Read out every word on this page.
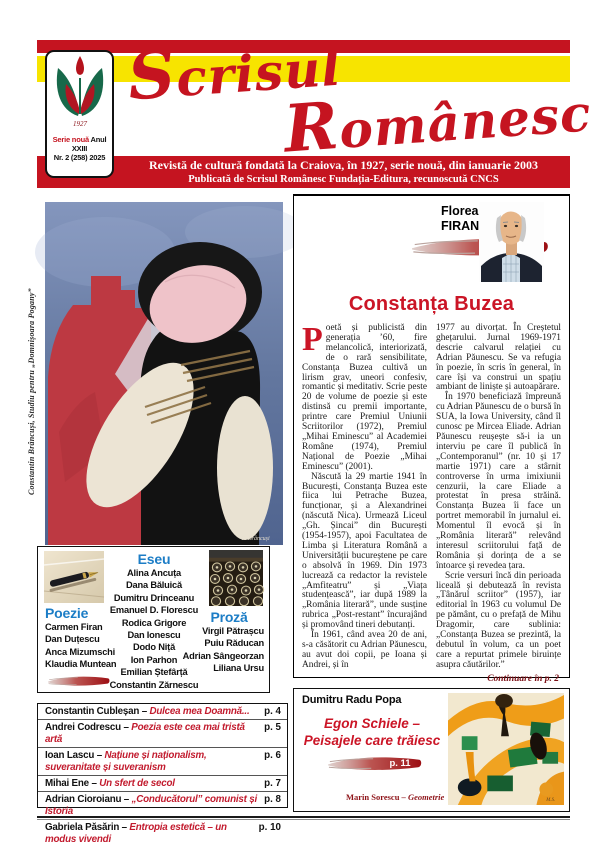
Scrisul
Românesc
Revistă de cultură fondată la Craiova, în 1927, serie nouă, din ianuarie 2003
Publicată de Scrisul Românesc Fundația-Editura, recunoscută CNCS
1927
Serie nouă Anul XXIII
Nr. 2 (258) 2025
Constantin Brâncuși, Studiu pentru „Domnișoara Pogany”
C. Brâncuși
Eseu
Alina Ancuța
Dana Băluică
Dumitru Drinceanu
Emanuel D. Florescu
Rodica Grigore
Dan Ionescu
Dodo Niță
Ion Parhon
Emilian Ștefârță
Constantin Zărnescu
Poezie
Carmen Firan
Dan Duțescu
Anca Mizumschi
Klaudia Muntean
Proză
Virgil Pătrașcu
Puiu Răducan
Adrian Sângeorzan
Liliana Ursu
Constantin Cubleșan – Dulcea mea Doamnă...	p. 4
Andrei Codrescu – Poezia este cea mai tristă artă
p. 5
Ioan Lascu – Națiune și naționalism, suveranitate și suveranism
p. 6
Mihai Ene – Un sfert de secol	p. 7
Adrian Cioroianu – „Conducătorul” comunist și Istoria
p. 8
Gabriela Păsărin – Entropia estetică – un modus vivendi
p. 10
Florea
FIRAN
Constanța Buzea

Poetă și publicistă din generația ’60, fire melancolică, interiorizată, de o rară sensibilitate, Constanța Buzea cultivă un lirism grav, uneori confesiv, romantic și meditativ. Scrie peste 20 de volume de poezie și este distinsă cu premii importante, printre care Premiul Uniunii Scriitorilor (1972), Premiul „Mihai Eminescu” al Academiei Române (1974), Premiul Național de Poezie „Mihai Eminescu” (2001).

Născută la 29 martie 1941 în București, Constanța Buzea este fiica lui Petrache Buzea, funcționar, și a Alexandrinei (născută Nica). Urmează Liceul „Gh. Șincai” din București (1954-1957), apoi Facultatea de Limba și Literatura Română a Universității bucureștene pe care o absolvă în 1969. Din 1973 lucrează ca redactor la revistele „Amfiteatru” și „Viața studențească”, iar după 1989 la „România literară”, unde susține rubrica „Post-restant” încurajând și promovând tineri debutanți.

În 1961, când avea 20 de ani, s-a căsătorit cu Adrian Păunescu, au avut doi copii, pe Ioana și Andrei, și în

1977 au divorțat. În Creștetul ghețarului. Jurnal 1969-1971 descrie calvarul relației cu Adrian Păunescu. Se va refugia în poezie, în scris în general, în care își va construi un spațiu ambiant de liniște și autoapărare.

În 1970 beneficiază împreună cu Adrian Păunescu de o bursă în SUA, la Iowa University, când îl cunosc pe Mircea Eliade. Adrian Păunescu reușește să-i ia un interviu pe care îl publică în „Contemporanul” (nr. 10 și 17 martie 1971) care a stârnit controverse în urma imixiunii cenzurii, la care Eliade a protestat în presa străină. Constanța Buzea îi face un portret memorabil în jurnalul ei. Momentul îl evocă și în „România literară” relevând interesul scriitorului față de România și dorința de a se întoarce și revedea țara.

Scrie versuri încă din perioada liceală și debutează în revista „Tânărul scriitor” (1957), iar editorial în 1963 cu volumul De pe pământ, cu o prefață de Mihu Dragomir, care sublinia: „Constanța Buzea se prezintă, la debutul în volum, ca un poet care a repurtat primele biruințe asupra căutărilor.”

Continuare în p. 2
Dumitru Radu Popa
Egon Schiele –
Peisajele care trăiesc
p. 11
Marin Sorescu – Geometrie	M.S.
